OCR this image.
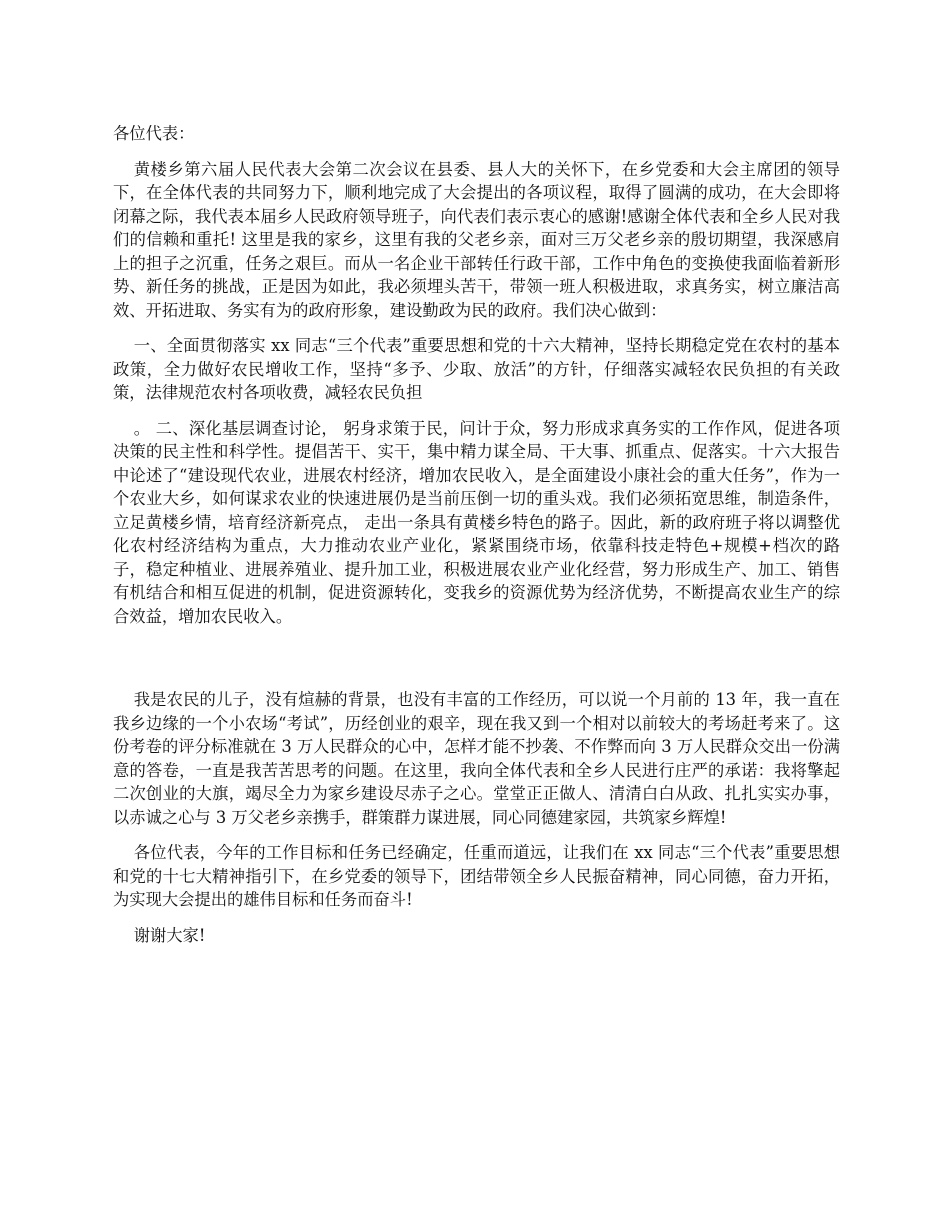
各位代表：

黄楼乡第六届人民代表大会第二次会议在县委、县人大的关怀下，在乡党委和大会主席团的领导下，在全体代表的共同努力下，顺利地完成了大会提出的各项议程，取得了圆满的成功，在大会即将闭幕之际，我代表本届乡人民政府领导班子，向代表们表示衷心的感谢!感谢全体代表和全乡人民对我们的信赖和重托! 这里是我的家乡，这里有我的父老乡亲，面对三万父老乡亲的殷切期望，我深感肩上的担子之沉重，任务之艰巨。而从一名企业干部转任行政干部，工作中角色的变换使我面临着新形势、新任务的挑战，正是因为如此，我必须埋头苦干，带领一班人积极进取，求真务实，树立廉洁高效、开拓进取、务实有为的政府形象，建设勤政为民的政府。我们决心做到：

一、全面贯彻落实 xx 同志“三个代表”重要思想和党的十六大精神，坚持长期稳定党在农村的基本政策，全力做好农民增收工作，坚持“多予、少取、放活”的方针，仔细落实减轻农民负担的有关政策，法律规范农村各项收费，减轻农民负担

。 二、深化基层调查讨论， 躬身求策于民，问计于众，努力形成求真务实的工作作风，促进各项决策的民主性和科学性。提倡苦干、实干，集中精力谋全局、干大事、抓重点、促落实。十六大报告中论述了“建设现代农业，进展农村经济，增加农民收入，是全面建设小康社会的重大任务”，作为一个农业大乡，如何谋求农业的快速进展仍是当前压倒一切的重头戏。我们必须拓宽思维，制造条件，立足黄楼乡情，培育经济新亮点， 走出一条具有黄楼乡特色的路子。因此，新的政府班子将以调整优化农村经济结构为重点，大力推动农业产业化，紧紧围绕市场，依靠科技走特色+规模+档次的路子，稳定种植业、进展养殖业、提升加工业，积极进展农业产业化经营，努力形成生产、加工、销售有机结合和相互促进的机制，促进资源转化，变我乡的资源优势为经济优势，不断提高农业生产的综合效益，增加农民收入。

我是农民的儿子，没有煊赫的背景，也没有丰富的工作经历，可以说一个月前的 13 年，我一直在我乡边缘的一个小农场“考试”，历经创业的艰辛，现在我又到一个相对以前较大的考场赶考来了。这份考卷的评分标准就在 3 万人民群众的心中，怎样才能不抄袭、不作弊而向 3 万人民群众交出一份满意的答卷，一直是我苦苦思考的问题。在这里，我向全体代表和全乡人民进行庄严的承诺：我将擎起二次创业的大旗，竭尽全力为家乡建设尽赤子之心。堂堂正正做人、清清白白从政、扎扎实实办事，以赤诚之心与 3 万父老乡亲携手，群策群力谋进展，同心同德建家园，共筑家乡辉煌!

各位代表，今年的工作目标和任务已经确定，任重而道远，让我们在 xx 同志“三个代表”重要思想和党的十七大精神指引下，在乡党委的领导下，团结带领全乡人民振奋精神，同心同德，奋力开拓，为实现大会提出的雄伟目标和任务而奋斗!

谢谢大家!
